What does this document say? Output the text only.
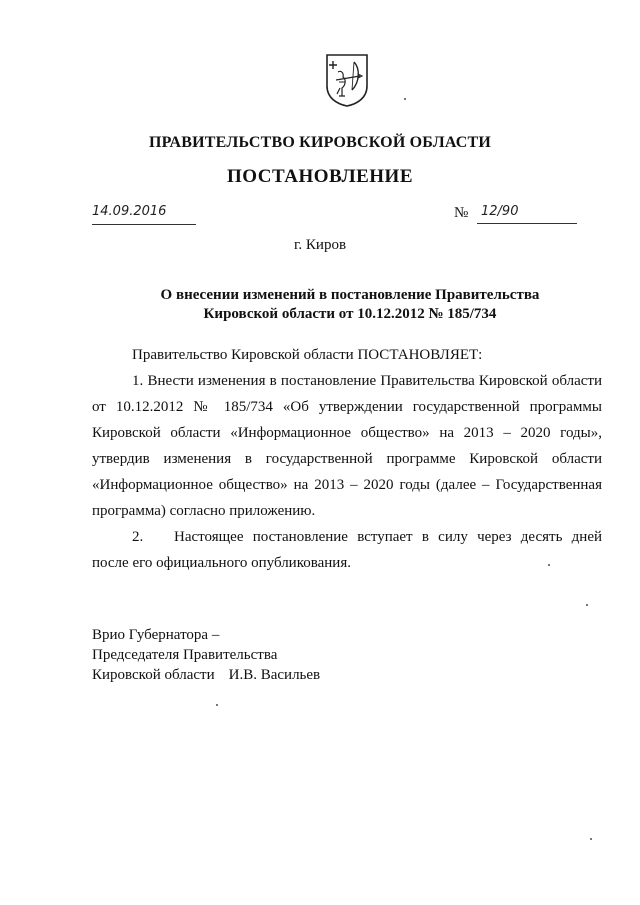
ПРАВИТЕЛЬСТВО КИРОВСКОЙ ОБЛАСТИ
ПОСТАНОВЛЕНИЕ
14.09.2016	№ 12/90
г. Киров
О внесении изменений в постановление Правительства
Кировской области от 10.12.2012 № 185/734

Правительство Кировской области ПОСТАНОВЛЯЕТ:

1. Внести изменения в постановление Правительства Кировской области от 10.12.2012 № 185/734 «Об утверждении государственной программы Кировской области «Информационное общество» на 2013 – 2020 годы», утвердив изменения в государственной программе Кировской области «Информационное общество» на 2013 – 2020 годы (далее – Государственная программа) согласно приложению.

2. Настоящее постановление вступает в силу через десять дней после его официального опубликования.

Врио Губернатора –
Председателя Правительства
Кировской области И.В. Васильев
